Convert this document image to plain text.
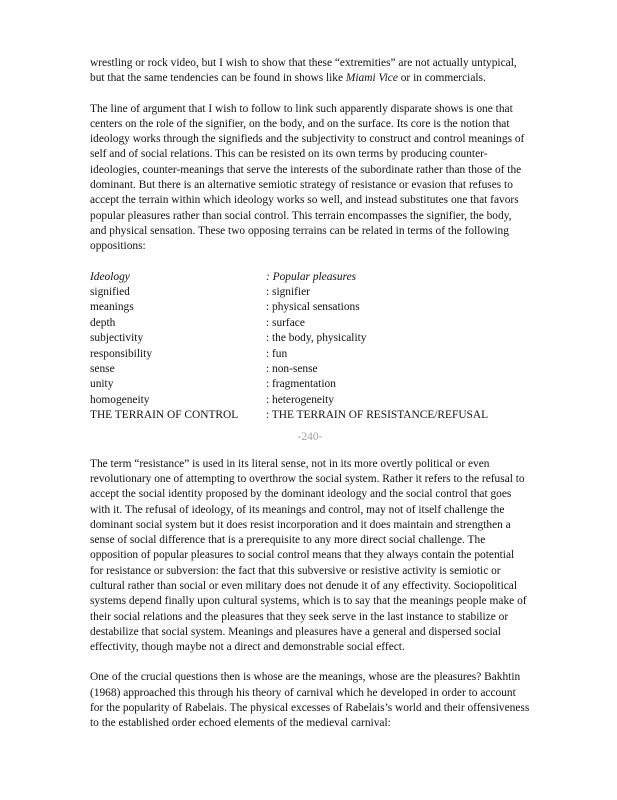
wrestling or rock video, but I wish to show that these “extremities” are not actually untypical, but that the same tendencies can be found in shows like Miami Vice or in commercials.

The line of argument that I wish to follow to link such apparently disparate shows is one that centers on the role of the signifier, on the body, and on the surface. Its core is the notion that ideology works through the signifieds and the subjectivity to construct and control meanings of self and of social relations. This can be resisted on its own terms by producing counter-ideologies, counter-meanings that serve the interests of the subordinate rather than those of the dominant. But there is an alternative semiotic strategy of resistance or evasion that refuses to accept the terrain within which ideology works so well, and instead substitutes one that favors popular pleasures rather than social control. This terrain encompasses the signifier, the body, and physical sensation. These two opposing terrains can be related in terms of the following oppositions:

Ideology	: Popular pleasures
signified	: signifier
meanings	: physical sensations
depth	: surface
subjectivity	: the body, physicality
responsibility	: fun
sense	: non-sense
unity	: fragmentation
homogeneity	: heterogeneity
THE TERRAIN OF CONTROL	: THE TERRAIN OF RESISTANCE/REFUSAL
-240-

The term “resistance” is used in its literal sense, not in its more overtly political or even revolutionary one of attempting to overthrow the social system. Rather it refers to the refusal to accept the social identity proposed by the dominant ideology and the social control that goes with it. The refusal of ideology, of its meanings and control, may not of itself challenge the dominant social system but it does resist incorporation and it does maintain and strengthen a sense of social difference that is a prerequisite to any more direct social challenge. The opposition of popular pleasures to social control means that they always contain the potential for resistance or subversion: the fact that this subversive or resistive activity is semiotic or cultural rather than social or even military does not denude it of any effectivity. Sociopolitical systems depend finally upon cultural systems, which is to say that the meanings people make of their social relations and the pleasures that they seek serve in the last instance to stabilize or destabilize that social system. Meanings and pleasures have a general and dispersed social effectivity, though maybe not a direct and demonstrable social effect.

One of the crucial questions then is whose are the meanings, whose are the pleasures? Bakhtin (1968) approached this through his theory of carnival which he developed in order to account for the popularity of Rabelais. The physical excesses of Rabelais’s world and their offensiveness to the established order echoed elements of the medieval carnival:
